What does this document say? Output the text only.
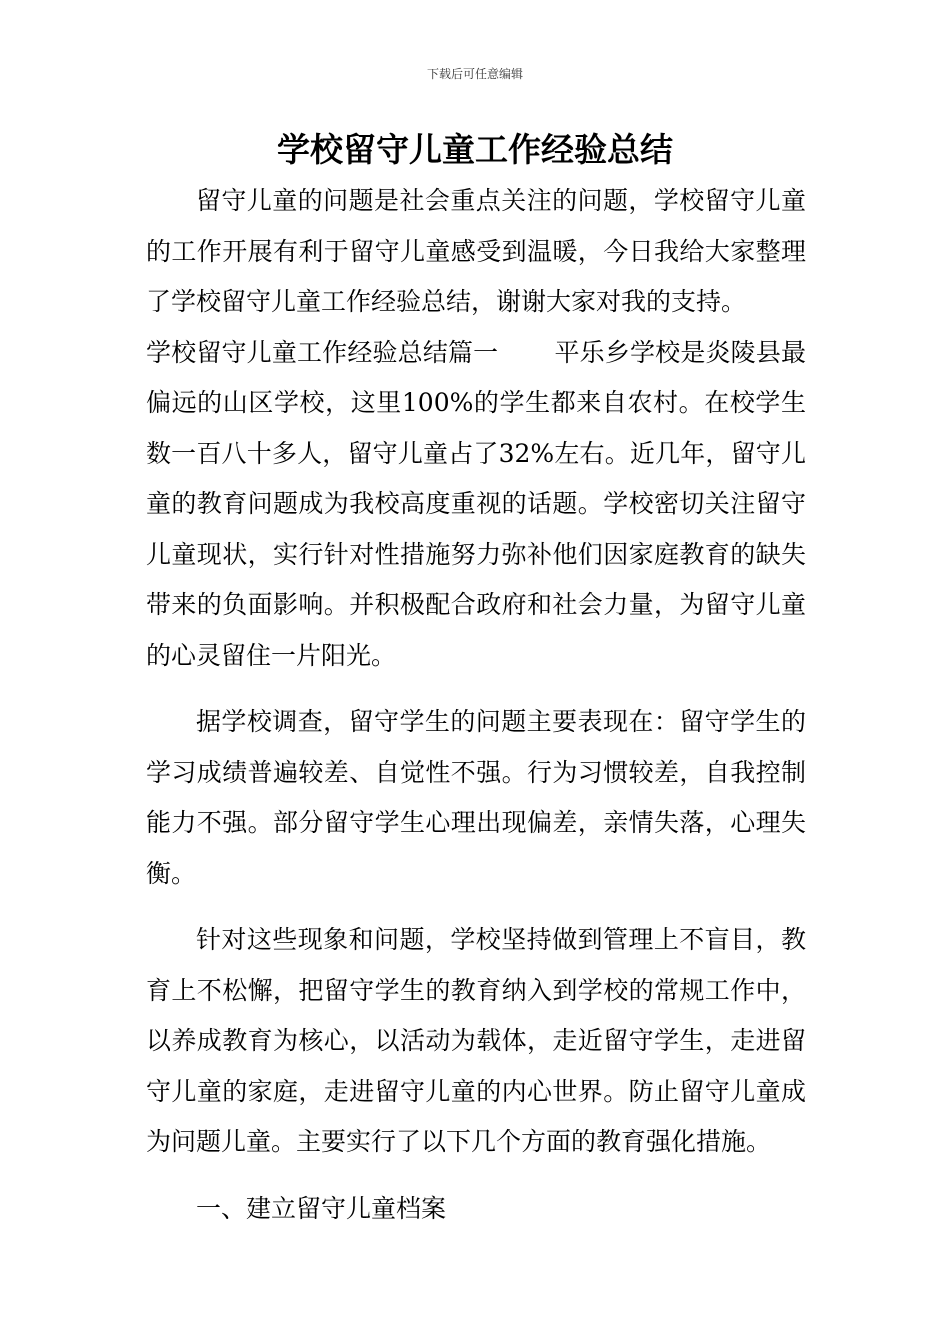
下载后可任意编辑
学校留守儿童工作经验总结

留守儿童的问题是社会重点关注的问题，学校留守儿童的工作开展有利于留守儿童感受到温暖，今日我给大家整理了学校留守儿童工作经验总结，谢谢大家对我的支持。

学校留守儿童工作经验总结篇一 平乐乡学校是炎陵县最偏远的山区学校，这里100%的学生都来自农村。在校学生数一百八十多人，留守儿童占了32%左右。近几年，留守儿童的教育问题成为我校高度重视的话题。学校密切关注留守儿童现状，实行针对性措施努力弥补他们因家庭教育的缺失带来的负面影响。并积极配合政府和社会力量，为留守儿童的心灵留住一片阳光。

据学校调查，留守学生的问题主要表现在：留守学生的学习成绩普遍较差、自觉性不强。行为习惯较差，自我控制能力不强。部分留守学生心理出现偏差，亲情失落，心理失衡。

针对这些现象和问题，学校坚持做到管理上不盲目，教育上不松懈，把留守学生的教育纳入到学校的常规工作中，以养成教育为核心，以活动为载体，走近留守学生，走进留守儿童的家庭，走进留守儿童的内心世界。防止留守儿童成为问题儿童。主要实行了以下几个方面的教育强化措施。

一、建立留守儿童档案
